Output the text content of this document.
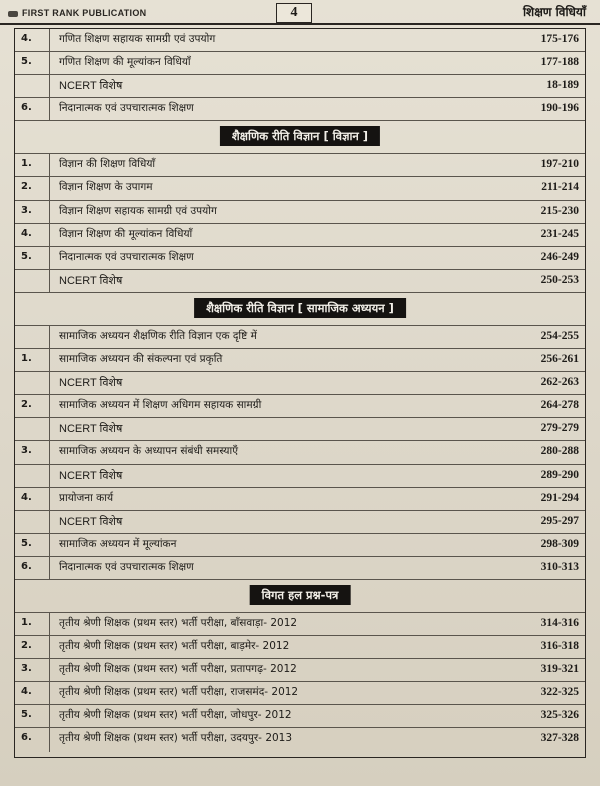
FIRST RANK PUBLICATION	4	शिक्षण विधियाँ
4.	गणित शिक्षण सहायक सामग्री एवं उपयोग	175-176
5.	गणित शिक्षण की मूल्यांकन विधियाँ	177-188
NCERT विशेष	18-189
6.	निदानात्मक एवं उपचारात्मक शिक्षण	190-196
शैक्षणिक रीति विज्ञान [ विज्ञान ]
1.	विज्ञान की शिक्षण विधियाँ	197-210
2.	विज्ञान शिक्षण के उपागम	211-214
3.	विज्ञान शिक्षण सहायक सामग्री एवं उपयोग	215-230
4.	विज्ञान शिक्षण की मूल्यांकन विधियाँ	231-245
5.	निदानात्मक एवं उपचारात्मक शिक्षण	246-249
NCERT विशेष	250-253
शैक्षणिक रीति विज्ञान [ सामाजिक अध्ययन ]
सामाजिक अध्ययन शैक्षणिक रीति विज्ञान एक दृष्टि में	254-255
1.	सामाजिक अध्ययन की संकल्पना एवं प्रकृति	256-261
NCERT विशेष	262-263
2.	सामाजिक अध्ययन में शिक्षण अधिगम सहायक सामग्री	264-278
NCERT विशेष	279-279
3.	सामाजिक अध्ययन के अध्यापन संबंधी समस्याएँ	280-288
NCERT विशेष	289-290
4.	प्रायोजना कार्य	291-294
NCERT विशेष	295-297
5.	सामाजिक अध्ययन में मूल्यांकन	298-309
6.	निदानात्मक एवं उपचारात्मक शिक्षण	310-313
विगत हल प्रश्न-पत्र
1.	तृतीय श्रेणी शिक्षक (प्रथम स्तर) भर्ती परीक्षा, बाँसवाड़ा- 2012	314-316
2.	तृतीय श्रेणी शिक्षक (प्रथम स्तर) भर्ती परीक्षा, बाड़मेर- 2012	316-318
3.	तृतीय श्रेणी शिक्षक (प्रथम स्तर) भर्ती परीक्षा, प्रतापगढ़- 2012	319-321
4.	तृतीय श्रेणी शिक्षक (प्रथम स्तर) भर्ती परीक्षा, राजसमंद- 2012	322-325
5.	तृतीय श्रेणी शिक्षक (प्रथम स्तर) भर्ती परीक्षा, जोधपुर- 2012	325-326
6.	तृतीय श्रेणी शिक्षक (प्रथम स्तर) भर्ती परीक्षा, उदयपुर- 2013	327-328
